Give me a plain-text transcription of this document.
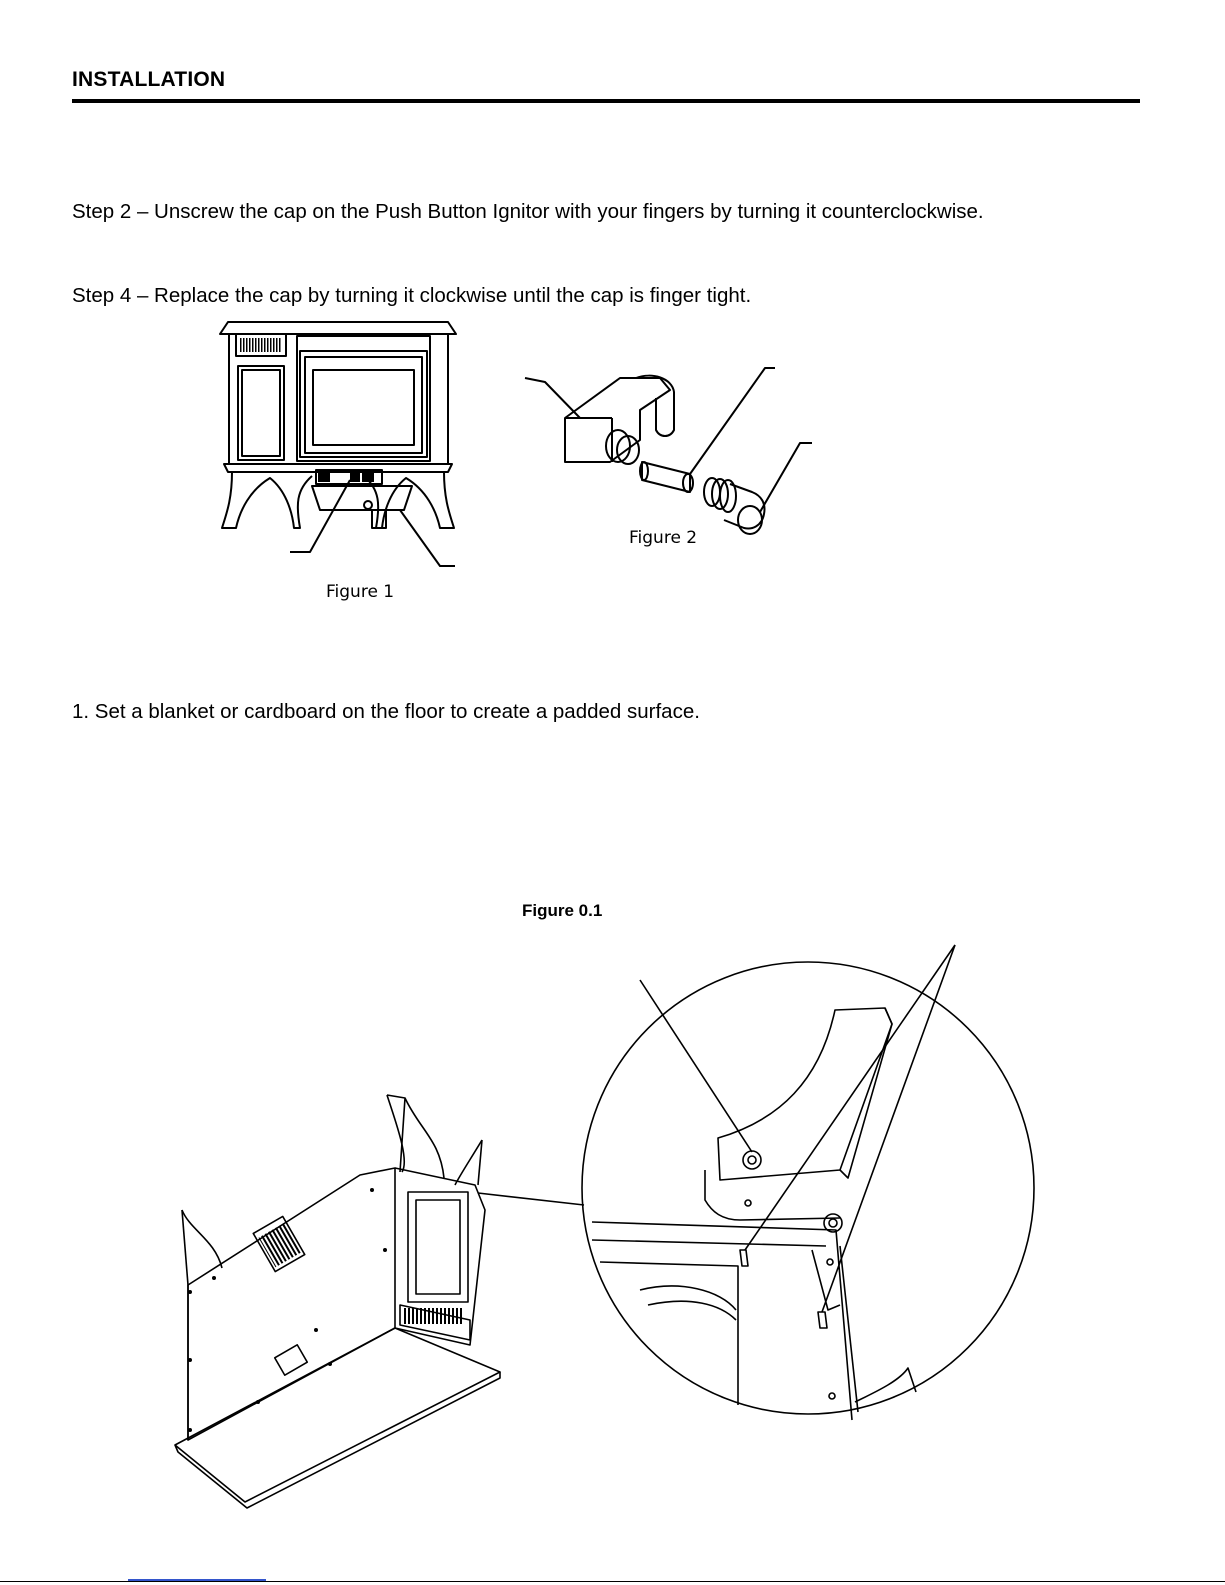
INSTALLATION
Step 2 – Unscrew the cap on the Push Button Ignitor with your fingers by turning it counterclockwise.
Step 4 – Replace the cap by turning it clockwise until the cap is finger tight.
Figure 1
Figure 2
1. Set a blanket or cardboard on the floor to create a padded surface.
Figure 0.1
